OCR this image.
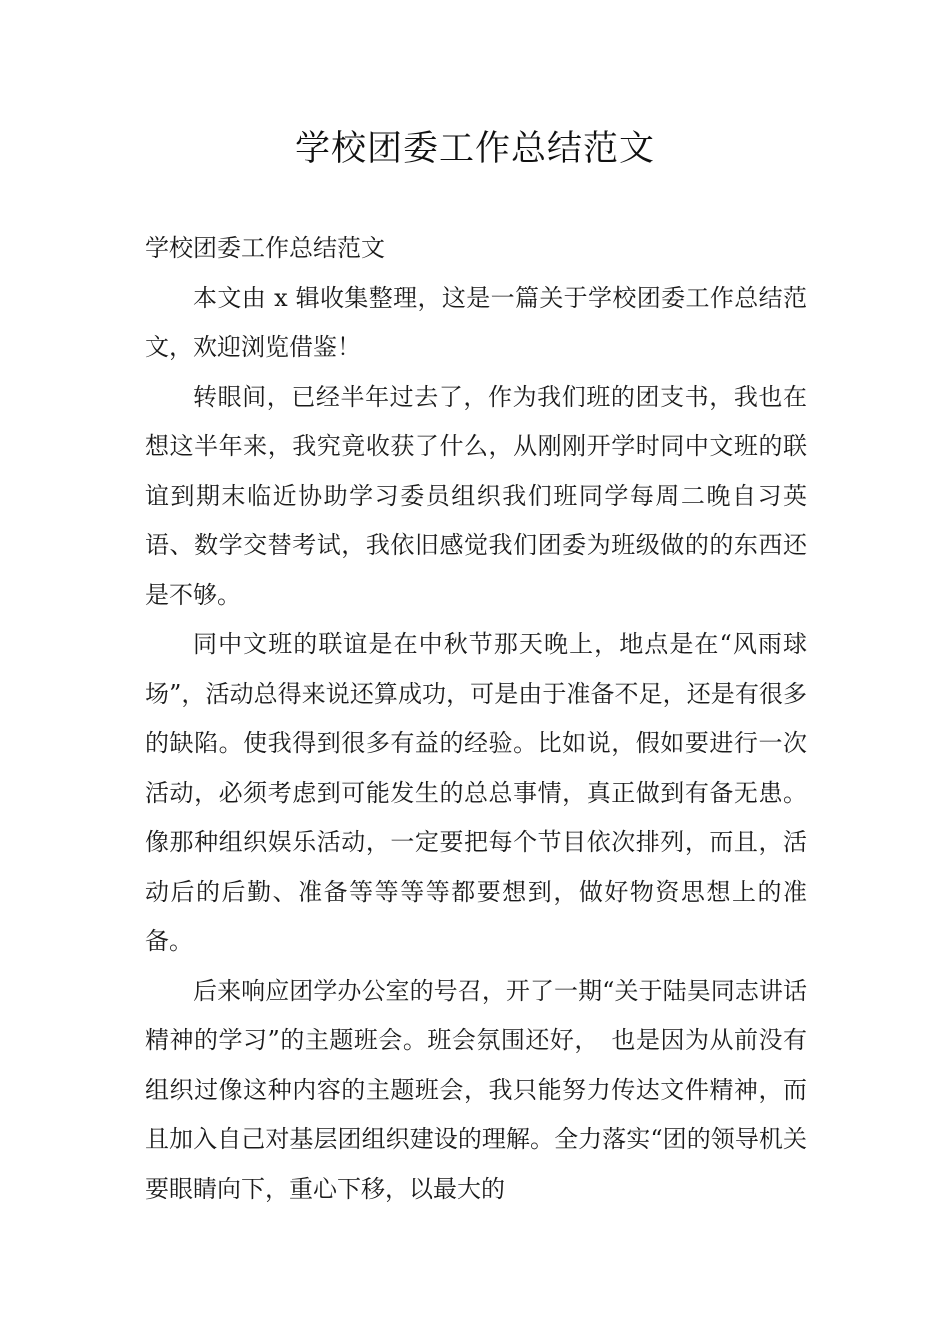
学校团委工作总结范文

学校团委工作总结范文

本文由 x 辑收集整理，这是一篇关于学校团委工作总结范文，欢迎浏览借鉴！

转眼间，已经半年过去了，作为我们班的团支书，我也在想这半年来，我究竟收获了什么，从刚刚开学时同中文班的联谊到期末临近协助学习委员组织我们班同学每周二晚自习英语、数学交替考试，我依旧感觉我们团委为班级做的的东西还是不够。

同中文班的联谊是在中秋节那天晚上，地点是在“风雨球场”，活动总得来说还算成功，可是由于准备不足，还是有很多的缺陷。使我得到很多有益的经验。比如说，假如要进行一次活动，必须考虑到可能发生的总总事情，真正做到有备无患。像那种组织娱乐活动，一定要把每个节目依次排列，而且，活动后的后勤、准备等等等等都要想到，做好物资思想上的准备。

后来响应团学办公室的号召，开了一期“关于陆昊同志讲话精神的学习”的主题班会。班会氛围还好，　也是因为从前没有组织过像这种内容的主题班会，我只能努力传达文件精神，而且加入自己对基层团组织建设的理解。全力落实“团的领导机关要眼睛向下，重心下移，以最大的
